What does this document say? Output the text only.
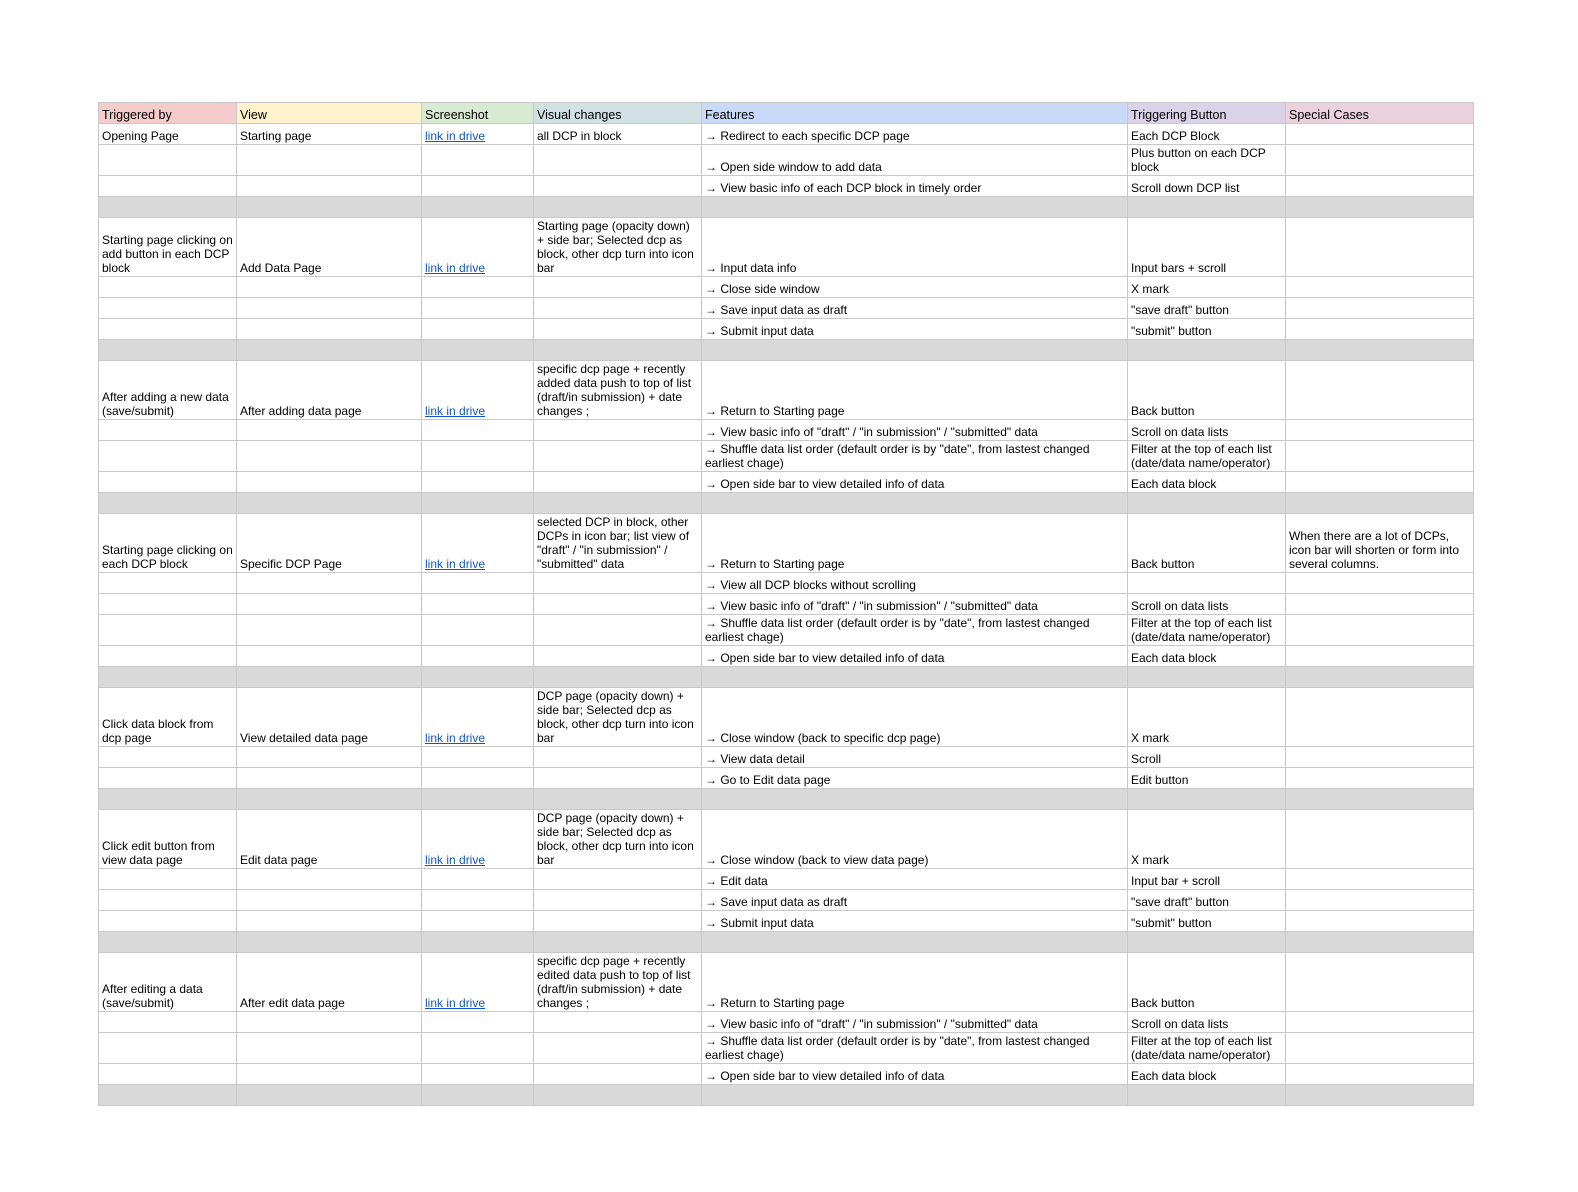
Triggered by	View	Screenshot	Visual changes	Features	Triggering Button	Special Cases
Opening Page	Starting page	link in drive	all DCP in block	→ Redirect to each specific DCP page	Each DCP Block	
				→ Open side window to add data	Plus button on each DCP block	
				→ View basic info of each DCP block in timely order	Scroll down DCP list	

Starting page clicking on add button in each DCP block	Add Data Page	link in drive	Starting page (opacity down) + side bar; Selected dcp as block, other dcp turn into icon bar	→ Input data info	Input bars + scroll	
				→ Close side window	X mark	
				→ Save input data as draft	"save draft" button	
				→ Submit input data	"submit" button	

After adding a new data (save/submit)	After adding data page	link in drive	specific dcp page + recently added data push to top of list (draft/in submission) + date changes ;	→ Return to Starting page	Back button	
				→ View basic info of "draft" / "in submission" / "submitted" data	Scroll on data lists	
				→ Shuffle data list order (default order is by "date", from lastest changed earliest chage)	Filter at the top of each list (date/data name/operator)	
				→ Open side bar to view detailed info of data	Each data block	

Starting page clicking on each DCP block	Specific DCP Page	link in drive	selected DCP in block, other DCPs in icon bar; list view of "draft" / "in submission" / "submitted" data	→ Return to Starting page	Back button	When there are a lot of DCPs, icon bar will shorten or form into several columns.
				→ View all DCP blocks without scrolling		
				→ View basic info of "draft" / "in submission" / "submitted" data	Scroll on data lists	
				→ Shuffle data list order (default order is by "date", from lastest changed earliest chage)	Filter at the top of each list (date/data name/operator)	
				→ Open side bar to view detailed info of data	Each data block	

Click data block from dcp page	View detailed data page	link in drive	DCP page (opacity down) + side bar; Selected dcp as block, other dcp turn into icon bar	→ Close window (back to specific dcp page)	X mark	
				→ View data detail	Scroll	
				→ Go to Edit data page	Edit button	

Click edit button from view data page	Edit data page	link in drive	DCP page (opacity down) + side bar; Selected dcp as block, other dcp turn into icon bar	→ Close window (back to view data page)	X mark	
				→ Edit data	Input bar + scroll	
				→ Save input data as draft	"save draft" button	
				→ Submit input data	"submit" button	

After editing a data (save/submit)	After edit data page	link in drive	specific dcp page + recently edited data push to top of list (draft/in submission) + date changes ;	→ Return to Starting page	Back button	
				→ View basic info of "draft" / "in submission" / "submitted" data	Scroll on data lists	
				→ Shuffle data list order (default order is by "date", from lastest changed earliest chage)	Filter at the top of each list (date/data name/operator)	
				→ Open side bar to view detailed info of data	Each data block	
